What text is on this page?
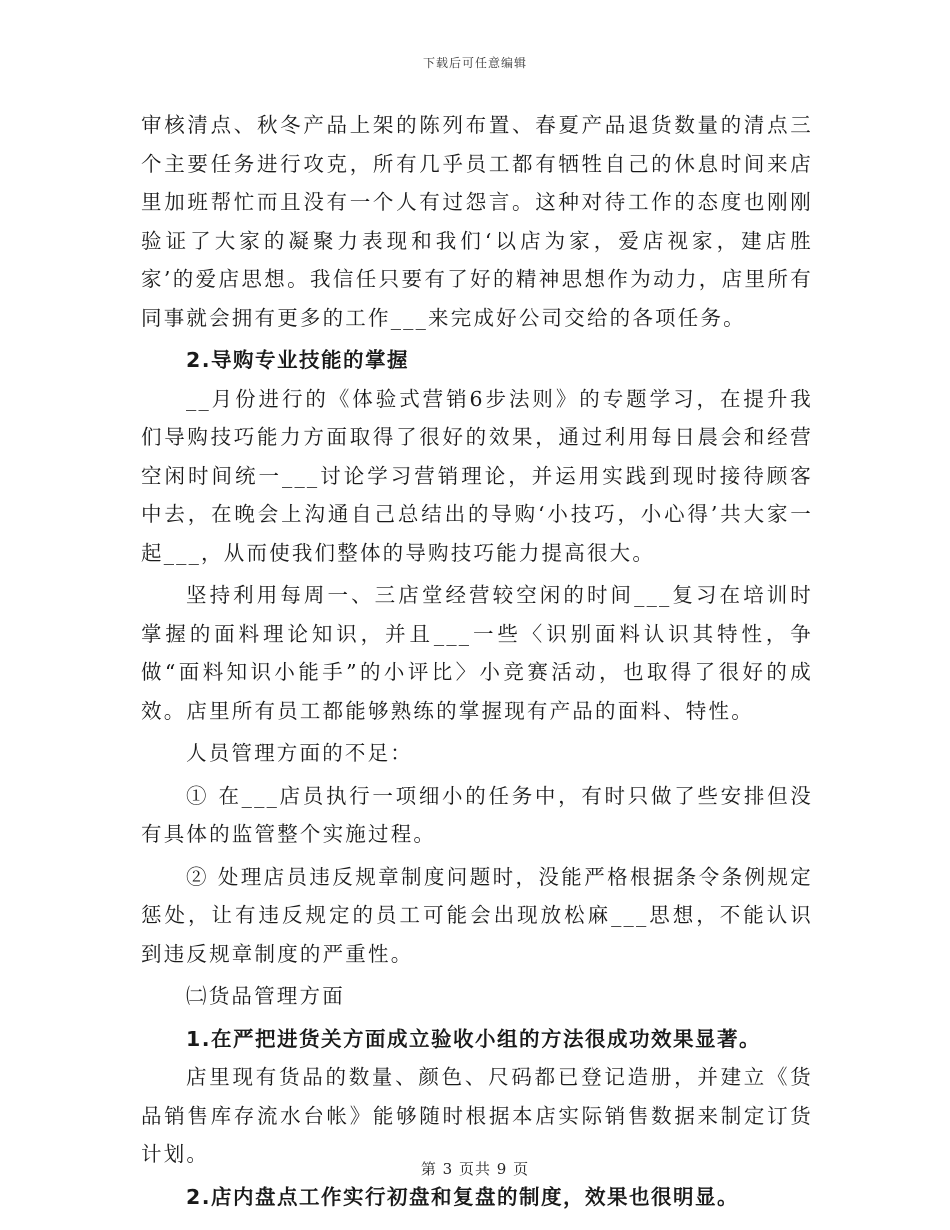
下载后可任意编辑

审核清点、秋冬产品上架的陈列布置、春夏产品退货数量的清点三个主要任务进行攻克，所有几乎员工都有牺牲自己的休息时间来店里加班帮忙而且没有一个人有过怨言。这种对待工作的态度也刚刚验证了大家的凝聚力表现和我们‘以店为家，爱店视家，建店胜家’的爱店思想。我信任只要有了好的精神思想作为动力，店里所有同事就会拥有更多的工作___来完成好公司交给的各项任务。

2.导购专业技能的掌握

__月份进行的《体验式营销6步法则》的专题学习，在提升我们导购技巧能力方面取得了很好的效果，通过利用每日晨会和经营空闲时间统一___讨论学习营销理论，并运用实践到现时接待顾客中去，在晚会上沟通自己总结出的导购‘小技巧，小心得’共大家一起___，从而使我们整体的导购技巧能力提高很大。

坚持利用每周一、三店堂经营较空闲的时间___复习在培训时掌握的面料理论知识，并且___一些〈识别面料认识其特性，争做“面料知识小能手”的小评比〉小竞赛活动，也取得了很好的成效。店里所有员工都能够熟练的掌握现有产品的面料、特性。

人员管理方面的不足：

① 在___店员执行一项细小的任务中，有时只做了些安排但没有具体的监管整个实施过程。

② 处理店员违反规章制度问题时，没能严格根据条令条例规定惩处，让有违反规定的员工可能会出现放松麻___思想，不能认识到违反规章制度的严重性。

㈡货品管理方面

1.在严把进货关方面成立验收小组的方法很成功效果显著。

店里现有货品的数量、颜色、尺码都已登记造册，并建立《货品销售库存流水台帐》能够随时根据本店实际销售数据来制定订货计划。

2.店内盘点工作实行初盘和复盘的制度，效果也很明显。

第 3 页共 9 页
